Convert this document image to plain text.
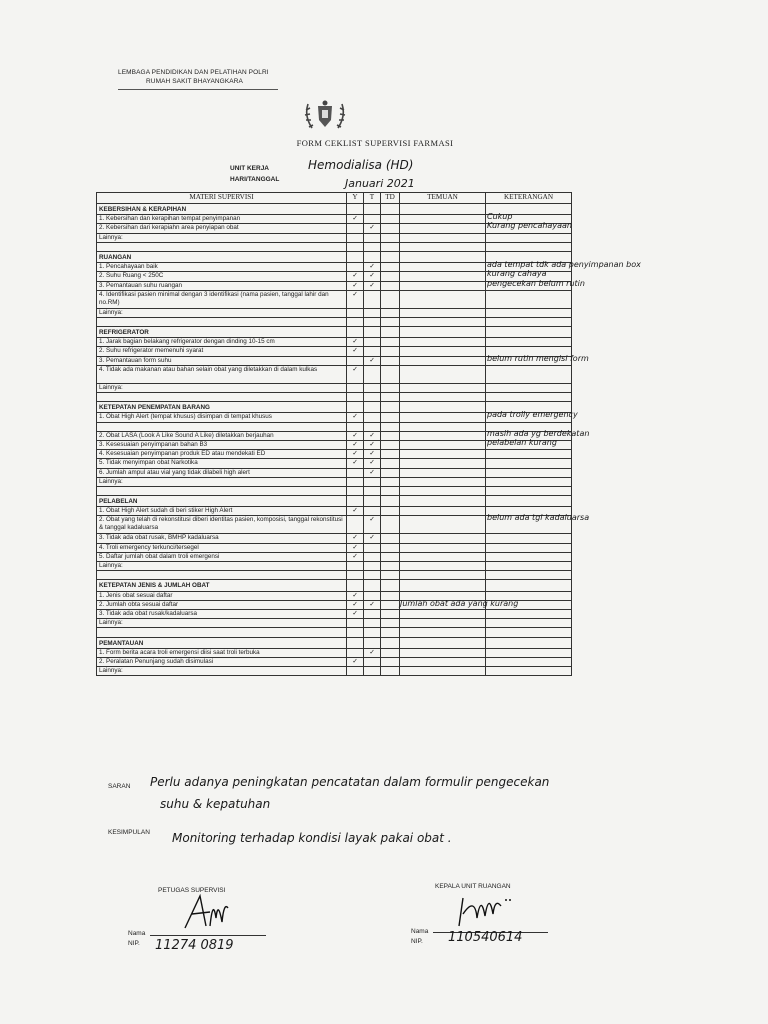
LEMBAGA PENDIDIKAN DAN PELATIHAN POLRI
RUMAH SAKIT BHAYANGKARA
FORM CEKLIST SUPERVISI FARMASI
UNIT KERJA	Hemodialisa (HD)
HARI/TANGGAL	Januari 2021
MATERI SUPERVISI	Y	T	TD	TEMUAN	KETERANGAN
KEBERSIHAN & KERAPIHAN					
1. Kebersihan dan kerapihan tempat penyimpanan	✓				Cukup

2. Kebersihan dari kerapiahn area penyiapan obat		✓			Kurang pencahayaan

Lainnya:					

RUANGAN					
1. Pencahayaan baik		✓			ada tempat tdk ada penyimpanan box

2. Suhu Ruang < 250C	✓	✓			kurang cahaya

3. Pemantauan suhu ruangan	✓	✓			pengecekan belum rutin

4. Identifikasi pasien minimal dengan 3 identifikasi (nama pasien, tanggal lahir dan no.RM)	✓				
Lainnya:					

REFRIGERATOR					
1. Jarak bagian belakang refrigerator dengan dinding 10-15 cm	✓				
2. Suhu refrigerator memenuhi syarat	✓				
3. Pemantauan form suhu		✓			belum rutin mengisi form

4. Tidak ada makanan atau bahan selain obat yang diletakkan di dalam kulkas	✓				
Lainnya:					

KETEPATAN PENEMPATAN BARANG					
1. Obat High Alert (tempat khusus) disimpan di tempat khusus	✓				pada trolly emergency

2. Obat LASA (Look A Like Sound A Like) diletakkan berjauhan	✓	✓			masih ada yg berdekatan

3. Kesesuaian penyimpanan bahan B3	✓	✓			pelabelan kurang

4. Kesesuaian penyimpanan produk ED atau mendekati ED	✓	✓			
5. Tidak menyimpan obat Narkotika	✓	✓			
6. Jumlah ampul atau vial yang tidak dilabeli high alert		✓			
Lainnya:					

PELABELAN					
1. Obat High Alert sudah di beri stiker High Alert	✓				
2. Obat yang telah di rekonstitusi diberi identitas pasien, komposisi, tanggal rekonstitusi & tanggal kadaluarsa		✓			belum ada tgl kadaluarsa

3. Tidak ada obat rusak, BMHP kadaluarsa	✓	✓			
4. Troli emergency terkunci/tersegel	✓				
5. Daftar jumlah obat dalam troli emergensi	✓				
Lainnya:					

KETEPATAN JENIS & JUMLAH OBAT					
1. Jenis obat sesuai daftar	✓				
2. Jumlah obta sesuai daftar	✓	✓		Jumlah obat ada yang kurang	

3. Tidak ada obat rusak/kadaluarsa	✓				
Lainnya:					

PEMANTAUAN					
1. Form berita acara troli emergensi diisi saat troli terbuka		✓			
2. Peralatan Penunjang sudah disimulasi	✓				
Lainnya:					
SARAN Perlu adanya peningkatan pencatatan dalam formulir pengecekan
suhu & kepatuhan
KESIMPULAN Monitoring terhadap kondisi layak pakai obat .
PETUGAS SUPERVISI
Nama
NIP. 11274 0819
KEPALA UNIT RUANGAN
Nama
NIP. 110540614
